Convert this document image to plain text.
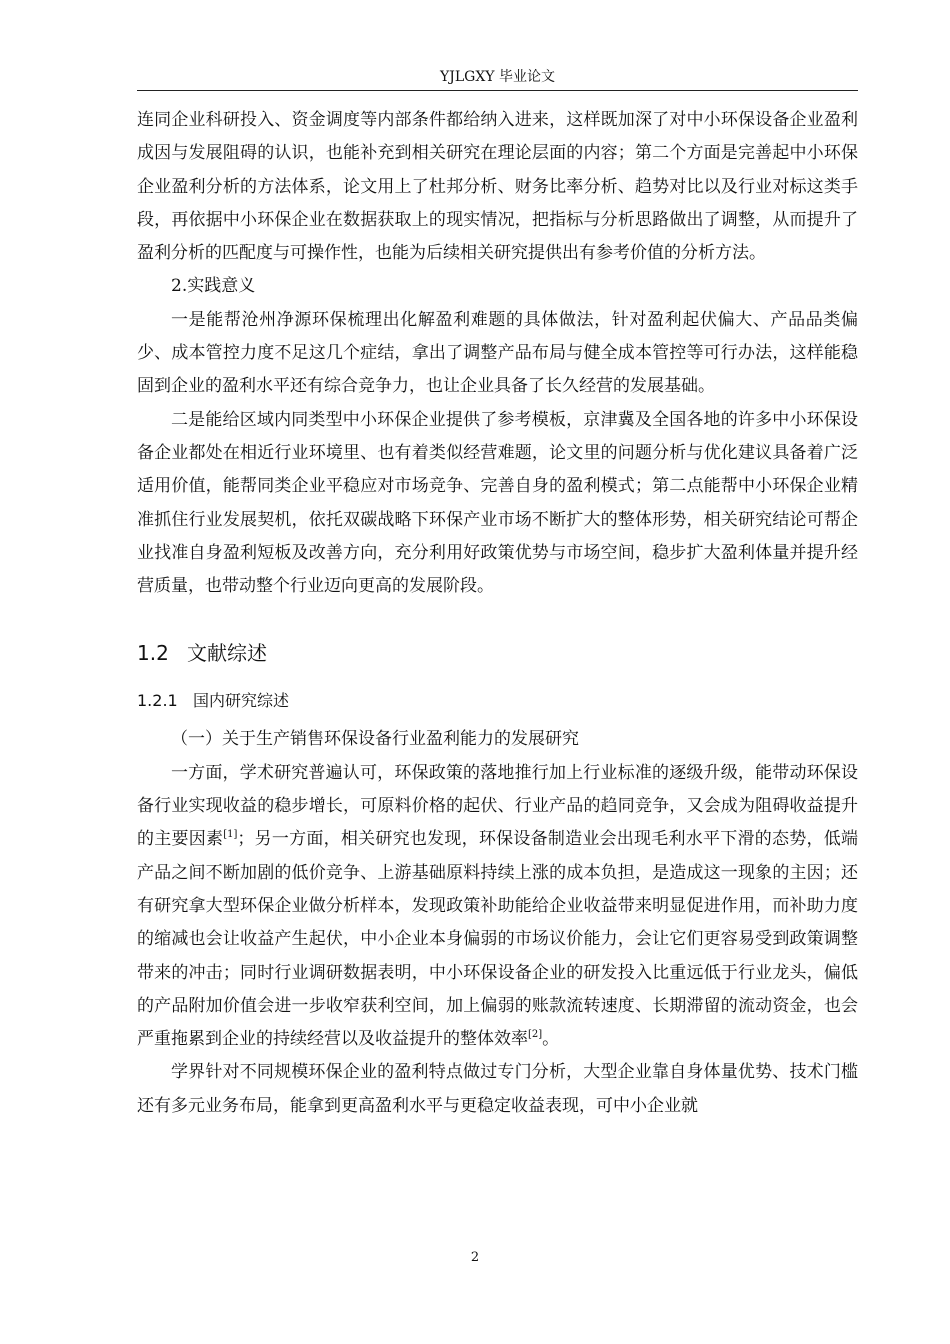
YJLGXY 毕业论文

连同企业科研投入、资金调度等内部条件都给纳入进来，这样既加深了对中小环保设备企业盈利成因与发展阻碍的认识，也能补充到相关研究在理论层面的内容；第二个方面是完善起中小环保企业盈利分析的方法体系，论文用上了杜邦分析、财务比率分析、趋势对比以及行业对标这类手段，再依据中小环保企业在数据获取上的现实情况，把指标与分析思路做出了调整，从而提升了盈利分析的匹配度与可操作性，也能为后续相关研究提供出有参考价值的分析方法。

2.实践意义

一是能帮沧州净源环保梳理出化解盈利难题的具体做法，针对盈利起伏偏大、产品品类偏少、成本管控力度不足这几个症结，拿出了调整产品布局与健全成本管控等可行办法，这样能稳固到企业的盈利水平还有综合竞争力，也让企业具备了长久经营的发展基础。

二是能给区域内同类型中小环保企业提供了参考模板，京津冀及全国各地的许多中小环保设备企业都处在相近行业环境里、也有着类似经营难题，论文里的问题分析与优化建议具备着广泛适用价值，能帮同类企业平稳应对市场竞争、完善自身的盈利模式；第二点能帮中小环保企业精准抓住行业发展契机，依托双碳战略下环保产业市场不断扩大的整体形势，相关研究结论可帮企业找准自身盈利短板及改善方向，充分利用好政策优势与市场空间，稳步扩大盈利体量并提升经营质量，也带动整个行业迈向更高的发展阶段。

1.2 文献综述
1.2.1 国内研究综述

（一）关于生产销售环保设备行业盈利能力的发展研究

一方面，学术研究普遍认可，环保政策的落地推行加上行业标准的逐级升级，能带动环保设备行业实现收益的稳步增长，可原料价格的起伏、行业产品的趋同竞争，又会成为阻碍收益提升的主要因素[1]；另一方面，相关研究也发现，环保设备制造业会出现毛利水平下滑的态势，低端产品之间不断加剧的低价竞争、上游基础原料持续上涨的成本负担，是造成这一现象的主因；还有研究拿大型环保企业做分析样本，发现政策补助能给企业收益带来明显促进作用，而补助力度的缩减也会让收益产生起伏，中小企业本身偏弱的市场议价能力，会让它们更容易受到政策调整带来的冲击；同时行业调研数据表明，中小环保设备企业的研发投入比重远低于行业龙头，偏低的产品附加价值会进一步收窄获利空间，加上偏弱的账款流转速度、长期滞留的流动资金，也会严重拖累到企业的持续经营以及收益提升的整体效率[2]。

学界针对不同规模环保企业的盈利特点做过专门分析，大型企业靠自身体量优势、技术门槛还有多元业务布局，能拿到更高盈利水平与更稳定收益表现，可中小企业就

2
